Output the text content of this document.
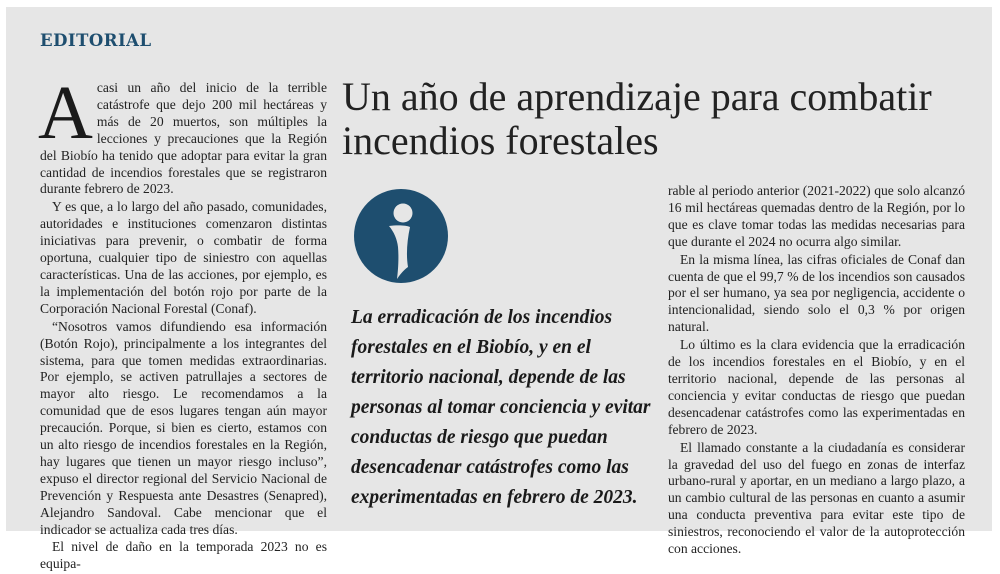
EDITORIAL
A casi un año del inicio de la terrible catástrofe que dejo 200 mil hectáreas y más de 20 muertos, son múltiples la lecciones y precauciones que la Región del Biobío ha tenido que adoptar para evitar la gran cantidad de incendios forestales que se registraron durante febrero de 2023.

Y es que, a lo largo del año pasado, comunidades, autoridades e instituciones comenzaron distintas iniciativas para prevenir, o combatir de forma oportuna, cualquier tipo de siniestro con aquellas características. Una de las acciones, por ejemplo, es la implementación del botón rojo por parte de la Corporación Nacional Forestal (Conaf).

“Nosotros vamos difundiendo esa información (Botón Rojo), principalmente a los integrantes del sistema, para que tomen medidas extraordinarias. Por ejemplo, se activen patrullajes a sectores de mayor alto riesgo. Le recomendamos a la comunidad que de esos lugares tengan aún mayor precaución. Porque, si bien es cierto, estamos con un alto riesgo de incendios forestales en la Región, hay lugares que tienen un mayor riesgo incluso”, expuso el director regional del Servicio Nacional de Prevención y Respuesta ante Desastres (Senapred), Alejandro Sandoval. Cabe mencionar que el indicador se actualiza cada tres días.

El nivel de daño en la temporada 2023 no es equipa-

Un año de aprendizaje para combatir incendios forestales

La erradicación de los incendios forestales en el Biobío, y en el territorio nacional, depende de las personas al tomar conciencia y evitar conductas de riesgo que puedan desencadenar catástrofes como las experimentadas en febrero de 2023.

rable al periodo anterior (2021-2022) que solo alcanzó 16 mil hectáreas quemadas dentro de la Región, por lo que es clave tomar todas las medidas necesarias para que durante el 2024 no ocurra algo similar.

En la misma línea, las cifras oficiales de Conaf dan cuenta de que el 99,7 % de los incendios son causados por el ser humano, ya sea por negligencia, accidente o intencionalidad, siendo solo el 0,3 % por origen natural.

Lo último es la clara evidencia que la erradicación de los incendios forestales en el Biobío, y en el territorio nacional, depende de las personas al conciencia y evitar conductas de riesgo que puedan desencadenar catástrofes como las experimentadas en febrero de 2023.

El llamado constante a la ciudadanía es considerar la gravedad del uso del fuego en zonas de interfaz urbano-rural y aportar, en un mediano a largo plazo, a un cambio cultural de las personas en cuanto a asumir una conducta preventiva para evitar este tipo de siniestros, reconociendo el valor de la autoprotección con acciones.
